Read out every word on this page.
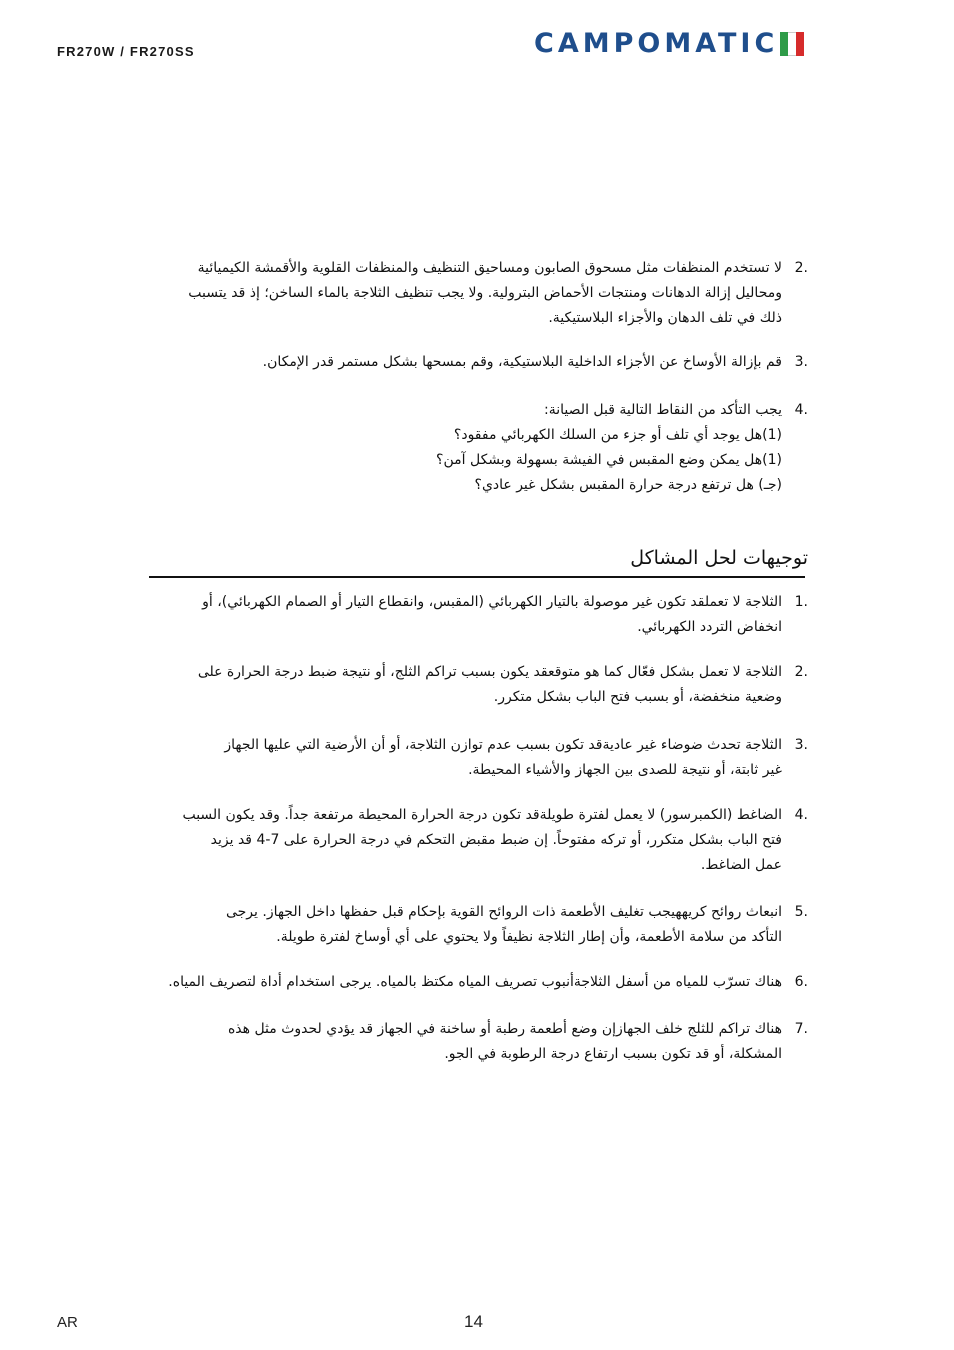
FR270W / FR270SS	CAMPOMATIC
.2
لا تستخدم المنظفات مثل مسحوق الصابون ومساحيق التنظيف والمنظفات القلوية والأقمشة الكيميائية
ومحاليل إزالة الدهانات ومنتجات الأحماض البترولية. ولا يجب تنظيف الثلاجة بالماء الساخن؛ إذ قد يتسبب
ذلك في تلف الدهان والأجزاء البلاستيكية.
.3
قم بإزالة الأوساخ عن الأجزاء الداخلية البلاستيكية، وقم بمسحها بشكل مستمر قدر الإمكان.
.4
يجب التأكد من النقاط التالية قبل الصيانة:
(1)هل يوجد أي تلف أو جزء من السلك الكهربائي مفقود؟
(1)هل يمكن وضع المقبس في الفيشة بسهولة وبشكل آمن؟
(جـ) هل ترتفع درجة حرارة المقبس بشكل غير عادي؟
توجيهات لحل المشاكل
.1
الثلاجة لا تعملقد تكون غير موصولة بالتيار الكهربائي (المقبس، وانقطاع التيار أو الصمام الكهربائي)، أو
انخفاض التردد الكهربائي.
.2
الثلاجة لا تعمل بشكل فعّال كما هو متوقعقد يكون بسبب تراكم الثلج، أو نتيجة ضبط درجة الحرارة على
وضعية منخفضة، أو بسبب فتح الباب بشكل متكرر.
.3
الثلاجة تحدث ضوضاء غير عاديةقد تكون بسبب عدم توازن الثلاجة، أو أن الأرضية التي عليها الجهاز
غير ثابتة، أو نتيجة للصدى بين الجهاز والأشياء المحيطة.
.4
الضاغط (الكمبرسور) لا يعمل لفترة طويلةقد تكون درجة الحرارة المحيطة مرتفعة جداً. وقد يكون السبب
فتح الباب بشكل متكرر، أو تركه مفتوحاً. إن ضبط مقبض التحكم في درجة الحرارة على 7-4 قد يزيد
عمل الضاغط.
.5
انبعاث روائح كريههيجب تغليف الأطعمة ذات الروائح القوية بإحكام قبل حفظها داخل الجهاز. يرجى
التأكد من سلامة الأطعمة، وأن إطار الثلاجة نظيفاً ولا يحتوي على أي أوساخ لفترة طويلة.
.6
هناك تسرّب للمياه من أسفل الثلاجةأنبوب تصريف المياه مكتظ بالمياه. يرجى استخدام أداة لتصريف المياه.
.7
هناك تراكم للثلج خلف الجهازإن وضع أطعمة رطبة أو ساخنة في الجهاز قد يؤدي لحدوث مثل هذه
المشكلة، أو قد تكون بسبب ارتفاع درجة الرطوبة في الجو.
AR	14
